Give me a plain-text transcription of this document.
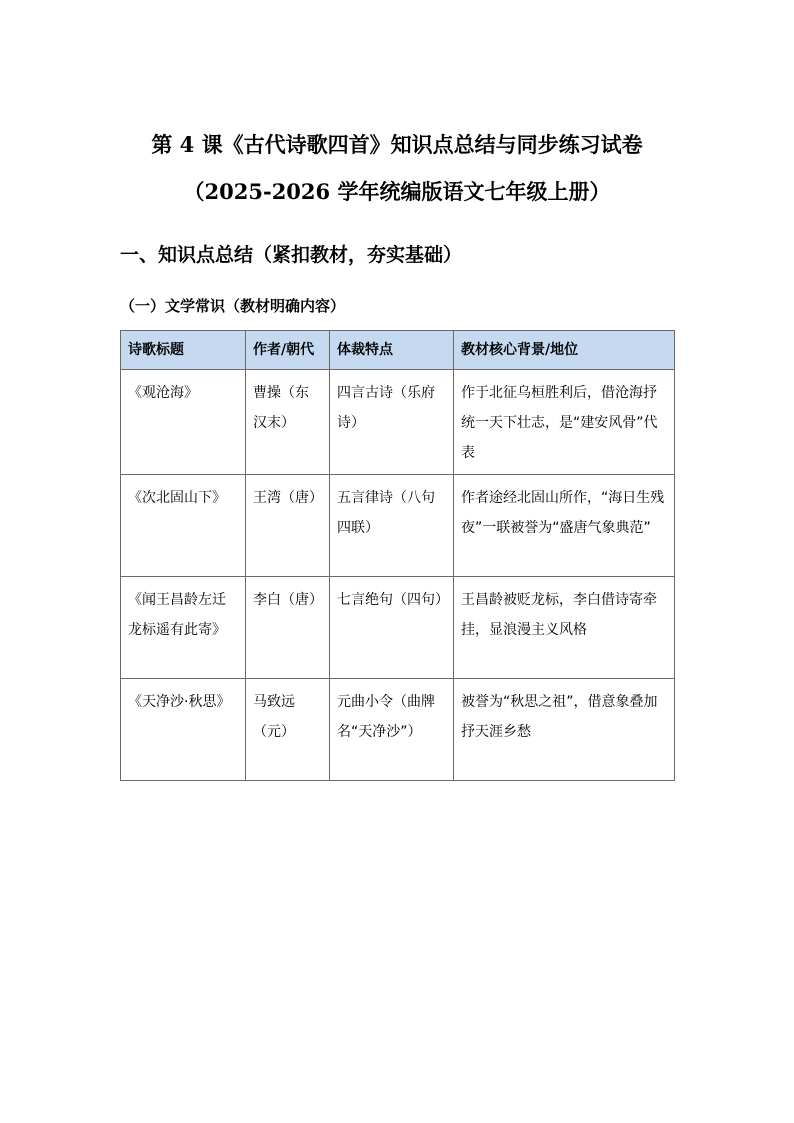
第 4 课《古代诗歌四首》知识点总结与同步练习试卷
（2025-2026 学年统编版语文七年级上册）
一、知识点总结（紧扣教材，夯实基础）
（一）文学常识（教材明确内容）
诗歌标题	作者/朝代	体裁特点	教材核心背景/地位
《观沧海》	曹操（东汉末）	四言古诗（乐府诗）	作于北征乌桓胜利后，借沧海抒统一天下壮志，是“建安风骨”代表
《次北固山下》	王湾（唐）	五言律诗（八句四联）	作者途经北固山所作，“海日生残夜”一联被誉为“盛唐气象典范”
《闻王昌龄左迁龙标遥有此寄》	李白（唐）	七言绝句（四句）	王昌龄被贬龙标，李白借诗寄牵挂，显浪漫主义风格
《天净沙·秋思》	马致远（元）	元曲小令（曲牌名“天净沙”）	被誉为“秋思之祖”，借意象叠加抒天涯乡愁
